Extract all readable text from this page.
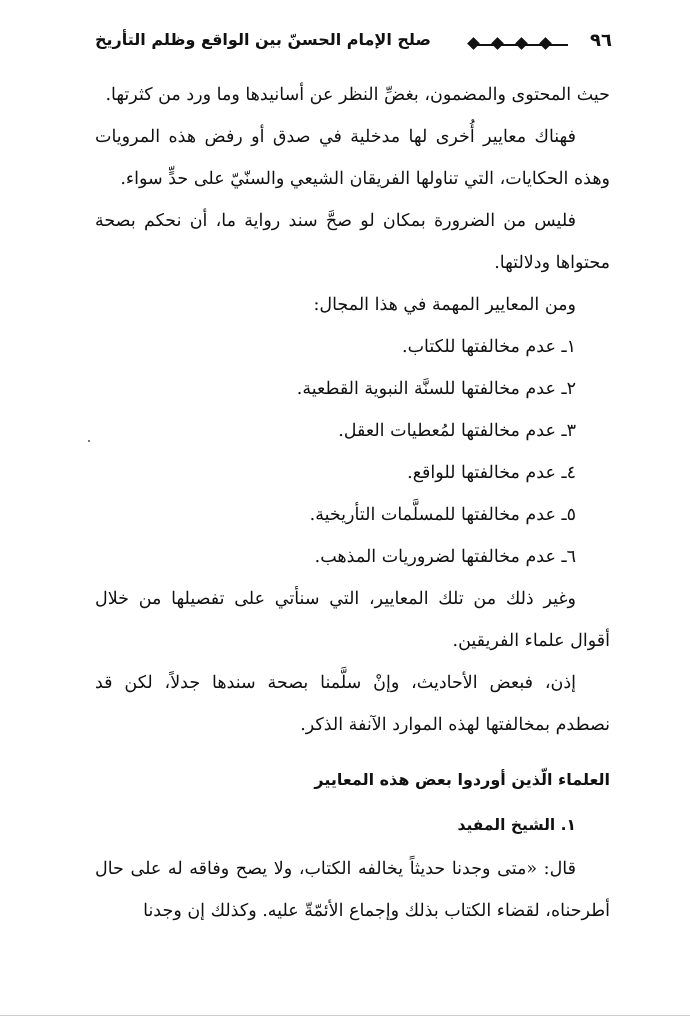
٩٦
صلح الإمام الحسنّ بين الواقع وظلم التأريخ

حيث المحتوى والمضمون، بغضِّ النظر عن أسانيدها وما ورد من كثرتها.

فهناك معايير أُخرى لها مدخلية في صدق أو رفض هذه المرويات وهذه الحكايات، التي تناولها الفريقان الشيعي والسنّيّ على حدٍّ سواء.

فليس من الضرورة بمكان لو صحَّ سند رواية ما، أن نحكم بصحة محتواها ودلالتها.

ومن المعايير المهمة في هذا المجال:

١ـ عدم مخالفتها للكتاب.

٢ـ عدم مخالفتها للسنَّة النبوية القطعية.

٣ـ عدم مخالفتها لمُعطيات العقل.

٤ـ عدم مخالفتها للواقع.

٥ـ عدم مخالفتها للمسلَّمات التأريخية.

٦ـ عدم مخالفتها لضروريات المذهب.

وغير ذلك من تلك المعايير، التي سنأتي على تفصيلها من خلال أقوال علماء الفريقين.

إذن، فبعض الأحاديث، وإنْ سلَّمنا بصحة سندها جدلاً، لكن قد نصطدم بمخالفتها لهذه الموارد الآنفة الذكر.

العلماء الّذين أوردوا بعض هذه المعايير

١. الشيخ المفيد

قال: «متى وجدنا حديثاً يخالفه الكتاب، ولا يصح وفاقه له على حال أطرحناه، لقضاء الكتاب بذلك وإجماع الأئمّةّ عليه. وكذلك إن وجدنا
